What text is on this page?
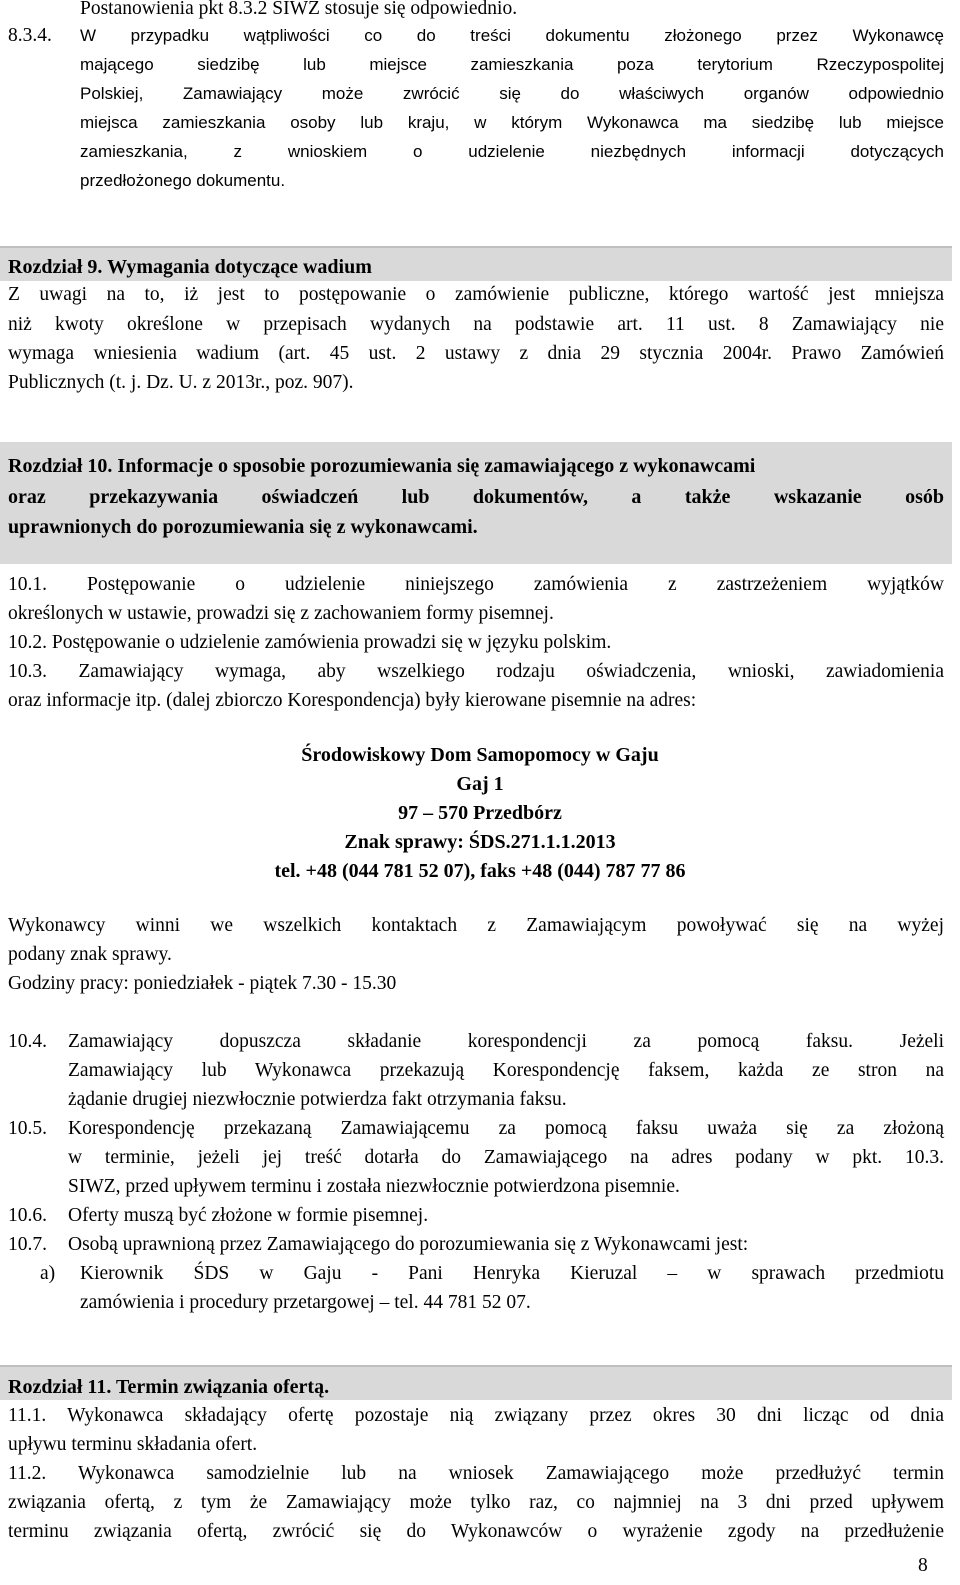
Postanowienia pkt 8.3.2 SIWZ stosuje się odpowiednio.
8.3.4. W przypadku wątpliwości co do treści dokumentu złożonego przez Wykonawcę
mającego siedzibę lub miejsce zamieszkania poza terytorium Rzeczypospolitej
Polskiej, Zamawiający może zwrócić się do właściwych organów odpowiednio
miejsca zamieszkania osoby lub kraju, w którym Wykonawca ma siedzibę lub miejsce
zamieszkania, z wnioskiem o udzielenie niezbędnych informacji dotyczących
przedłożonego dokumentu.
Rozdział 9. Wymagania dotyczące wadium
Z uwagi na to, iż jest to postępowanie o zamówienie publiczne, którego wartość jest mniejsza
niż kwoty określone w przepisach wydanych na podstawie art. 11 ust. 8 Zamawiający nie
wymaga wniesienia wadium (art. 45 ust. 2 ustawy z dnia 29 stycznia 2004r. Prawo Zamówień
Publicznych (t. j. Dz. U. z 2013r., poz. 907).
Rozdział 10. Informacje o sposobie porozumiewania się zamawiającego z wykonawcami
oraz przekazywania oświadczeń lub dokumentów, a także wskazanie osób
uprawnionych do porozumiewania się z wykonawcami.
10.1. Postępowanie o udzielenie niniejszego zamówienia z zastrzeżeniem wyjątków
określonych w ustawie, prowadzi się z zachowaniem formy pisemnej.
10.2. Postępowanie o udzielenie zamówienia prowadzi się w języku polskim.
10.3. Zamawiający wymaga, aby wszelkiego rodzaju oświadczenia, wnioski, zawiadomienia
oraz informacje itp. (dalej zbiorczo Korespondencja) były kierowane pisemnie na adres:
Środowiskowy Dom Samopomocy w Gaju
Gaj 1
97 – 570 Przedbórz
Znak sprawy: ŚDS.271.1.1.2013
tel. +48 (044 781 52 07), faks +48 (044) 787 77 86
Wykonawcy winni we wszelkich kontaktach z Zamawiającym powoływać się na wyżej
podany znak sprawy.
Godziny pracy: poniedziałek - piątek 7.30 - 15.30
10.4. Zamawiający dopuszcza składanie korespondencji za pomocą faksu. Jeżeli
Zamawiający lub Wykonawca przekazują Korespondencję faksem, każda ze stron na
żądanie drugiej niezwłocznie potwierdza fakt otrzymania faksu.
10.5. Korespondencję przekazaną Zamawiającemu za pomocą faksu uważa się za złożoną
w terminie, jeżeli jej treść dotarła do Zamawiającego na adres podany w pkt. 10.3.
SIWZ, przed upływem terminu i została niezwłocznie potwierdzona pisemnie.
10.6. Oferty muszą być złożone w formie pisemnej.
10.7. Osobą uprawnioną przez Zamawiającego do porozumiewania się z Wykonawcami jest:
a) Kierownik ŚDS w Gaju - Pani Henryka Kieruzal – w sprawach przedmiotu
zamówienia i procedury przetargowej – tel. 44 781 52 07.
Rozdział 11. Termin związania ofertą.
11.1. Wykonawca składający ofertę pozostaje nią związany przez okres 30 dni licząc od dnia
upływu terminu składania ofert.
11.2. Wykonawca samodzielnie lub na wniosek Zamawiającego może przedłużyć termin
związania ofertą, z tym że Zamawiający może tylko raz, co najmniej na 3 dni przed upływem
terminu związania ofertą, zwrócić się do Wykonawców o wyrażenie zgody na przedłużenie
8
